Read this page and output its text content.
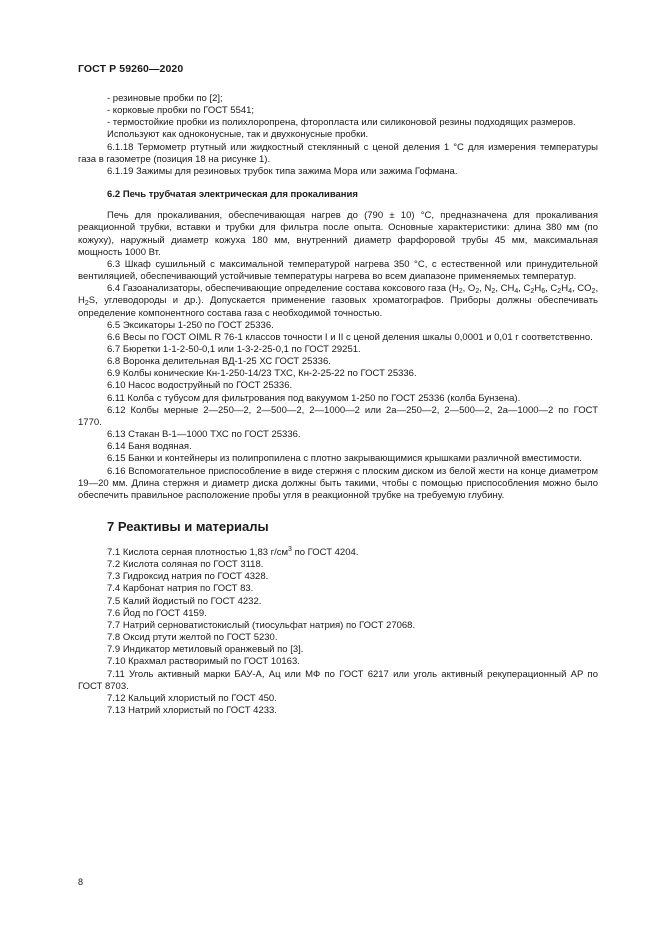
ГОСТ Р 59260—2020

- резиновые пробки по [2];

- корковые пробки по ГОСТ 5541;

- термостойкие пробки из полихлоропрена, фторопласта или силиконовой резины подходящих размеров.

Используют как одноконусные, так и двухконусные пробки.

6.1.18 Термометр ртутный или жидкостный стеклянный с ценой деления 1 °С для измерения температуры газа в газометре (позиция 18 на рисунке 1).

6.1.19 Зажимы для резиновых трубок типа зажима Мора или зажима Гофмана.

6.2 Печь трубчатая электрическая для прокаливания

Печь для прокаливания, обеспечивающая нагрев до (790 ± 10) °С, предназначена для прокаливания реакционной трубки, вставки и трубки для фильтра после опыта. Основные характеристики: длина 380 мм (по кожуху), наружный диаметр кожуха 180 мм, внутренний диаметр фарфоровой трубы 45 мм, максимальная мощность 1000 Вт.

6.3 Шкаф сушильный с максимальной температурой нагрева 350 °С, с естественной или принудительной вентиляцией, обеспечивающий устойчивые температуры нагрева во всем диапазоне применяемых температур.

6.4 Газоанализаторы, обеспечивающие определение состава коксового газа ($H_2$, $O_2$, $N_2$, $CH_4$, $C_2H_6$, $C_2H_4$, $CO_2$, $H_2S$, углеводороды и др.). Допускается применение газовых хроматографов. Приборы должны обеспечивать определение компонентного состава газа с необходимой точностью.

6.5 Эксикаторы 1-250 по ГОСТ 25336.

6.6 Весы по ГОСТ OIML R 76-1 классов точности I и II с ценой деления шкалы 0,0001 и 0,01 г соответственно.

6.7 Бюретки 1-1-2-50-0,1 или 1-3-2-25-0,1 по ГОСТ 29251.

6.8 Воронка делительная ВД-1-25 ХС ГОСТ 25336.

6.9 Колбы конические Кн-1-250-14/23 ТХС, Кн-2-25-22 по ГОСТ 25336.

6.10 Насос водоструйный по ГОСТ 25336.

6.11 Колба с тубусом для фильтрования под вакуумом 1-250 по ГОСТ 25336 (колба Бунзена).

6.12 Колбы мерные 2—250—2, 2—500—2, 2—1000—2 или 2а—250—2, 2—500—2, 2а—1000—2 по ГОСТ 1770.

6.13 Стакан В-1—1000 ТХС по ГОСТ 25336.

6.14 Баня водяная.

6.15 Банки и контейнеры из полипропилена с плотно закрывающимися крышками различной вместимости.

6.16 Вспомогательное приспособление в виде стержня с плоским диском из белой жести на конце диаметром 19—20 мм. Длина стержня и диаметр диска должны быть такими, чтобы с помощью приспособления можно было обеспечить правильное расположение пробы угля в реакционной трубке на требуемую глубину.

7 Реактивы и материалы

7.1 Кислота серная плотностью 1,83 $г/см^3$ по ГОСТ 4204.

7.2 Кислота соляная по ГОСТ 3118.

7.3 Гидроксид натрия по ГОСТ 4328.

7.4 Карбонат натрия по ГОСТ 83.

7.5 Калий йодистый по ГОСТ 4232.

7.6 Йод по ГОСТ 4159.

7.7 Натрий серноватистокислый (тиосульфат натрия) по ГОСТ 27068.

7.8 Оксид ртути желтой по ГОСТ 5230.

7.9 Индикатор метиловый оранжевый по [3].

7.10 Крахмал растворимый по ГОСТ 10163.

7.11 Уголь активный марки БАУ-А, Ац или МФ по ГОСТ 6217 или уголь активный рекуперационный АР по ГОСТ 8703.

7.12 Кальций хлористый по ГОСТ 450.

7.13 Натрий хлористый по ГОСТ 4233.

8
